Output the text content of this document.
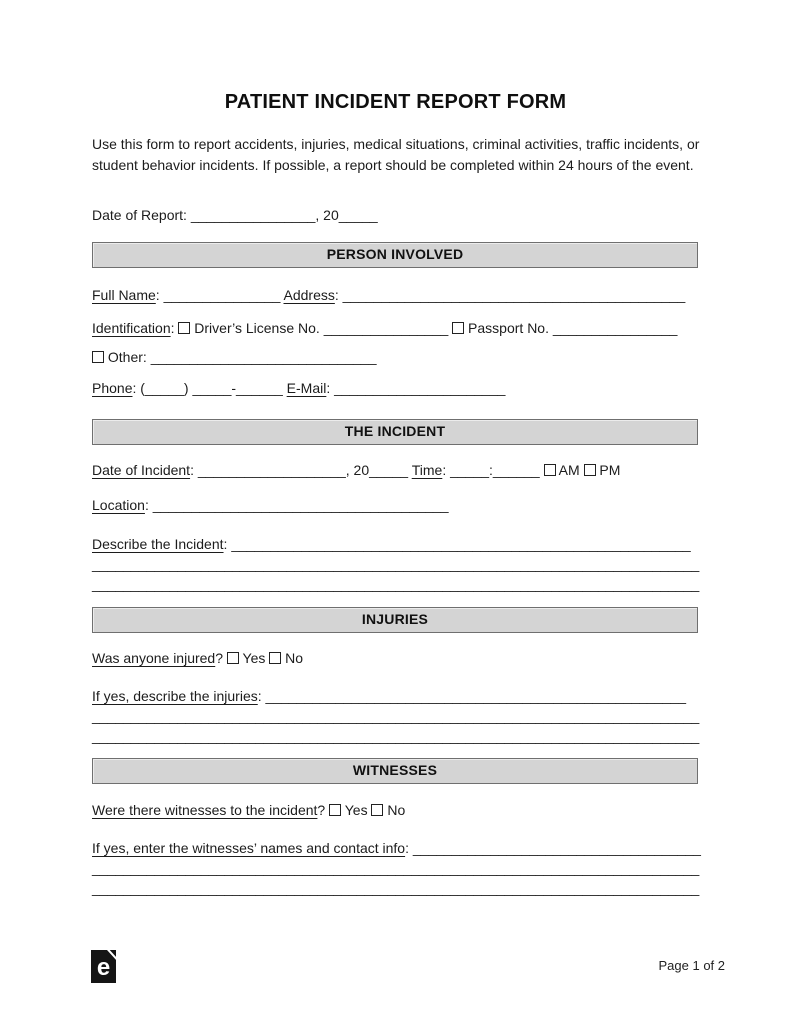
PATIENT INCIDENT REPORT FORM
Use this form to report accidents, injuries, medical situations, criminal activities, traffic incidents, or student behavior incidents. If possible, a report should be completed within 24 hours of the event.
Date of Report: ________________, 20_____
PERSON INVOLVED
Full Name: _______________ Address: ____________________________________________
Identification:  Driver’s License No. ________________  Passport No. ________________
Other: _____________________________
Phone: (_____) _____-______ E-Mail: ______________________
THE INCIDENT
Date of Incident: ___________________, 20_____ Time: _____:______  AM  PM
Location: ______________________________________
Describe the Incident: ___________________________________________________________
______________________________________________________________________________
______________________________________________________________________________
INJURIES
Was anyone injured?  Yes  No
If yes, describe the injuries: ______________________________________________________
______________________________________________________________________________
______________________________________________________________________________
WITNESSES
Were there witnesses to the incident?  Yes  No
If yes, enter the witnesses’ names and contact info: _____________________________________
______________________________________________________________________________
______________________________________________________________________________
e	Page 1 of 2
